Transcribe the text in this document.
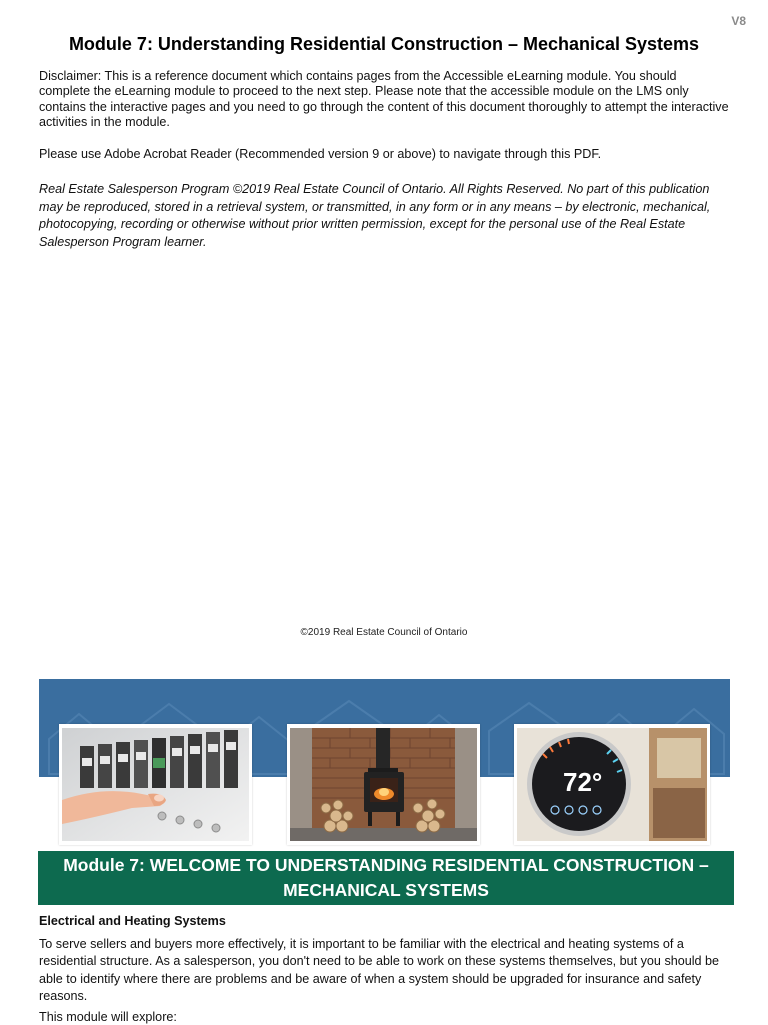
V8
Module 7: Understanding Residential Construction – Mechanical Systems

Disclaimer: This is a reference document which contains pages from the Accessible eLearning module. You should complete the eLearning module to proceed to the next step. Please note that the accessible module on the LMS only contains the interactive pages and you need to go through the content of this document thoroughly to attempt the interactive activities in the module.

Please use Adobe Acrobat Reader (Recommended version 9 or above) to navigate through this PDF.

Real Estate Salesperson Program ©2019 Real Estate Council of Ontario. All Rights Reserved. No part of this publication may be reproduced, stored in a retrieval system, or transmitted, in any form or in any means – by electronic, mechanical, photocopying, recording or otherwise without prior written permission, except for the personal use of the Real Estate Salesperson Program learner.

©2019 Real Estate Council of Ontario
72°
Module 7: WELCOME TO UNDERSTANDING RESIDENTIAL CONSTRUCTION –
MECHANICAL SYSTEMS
Electrical and Heating Systems

To serve sellers and buyers more effectively, it is important to be familiar with the electrical and heating systems of a residential structure. As a salesperson, you don't need to be able to work on these systems themselves, but you should be able to identify where there are problems and be aware of when a system should be upgraded for insurance and safety reasons.

This module will explore:
